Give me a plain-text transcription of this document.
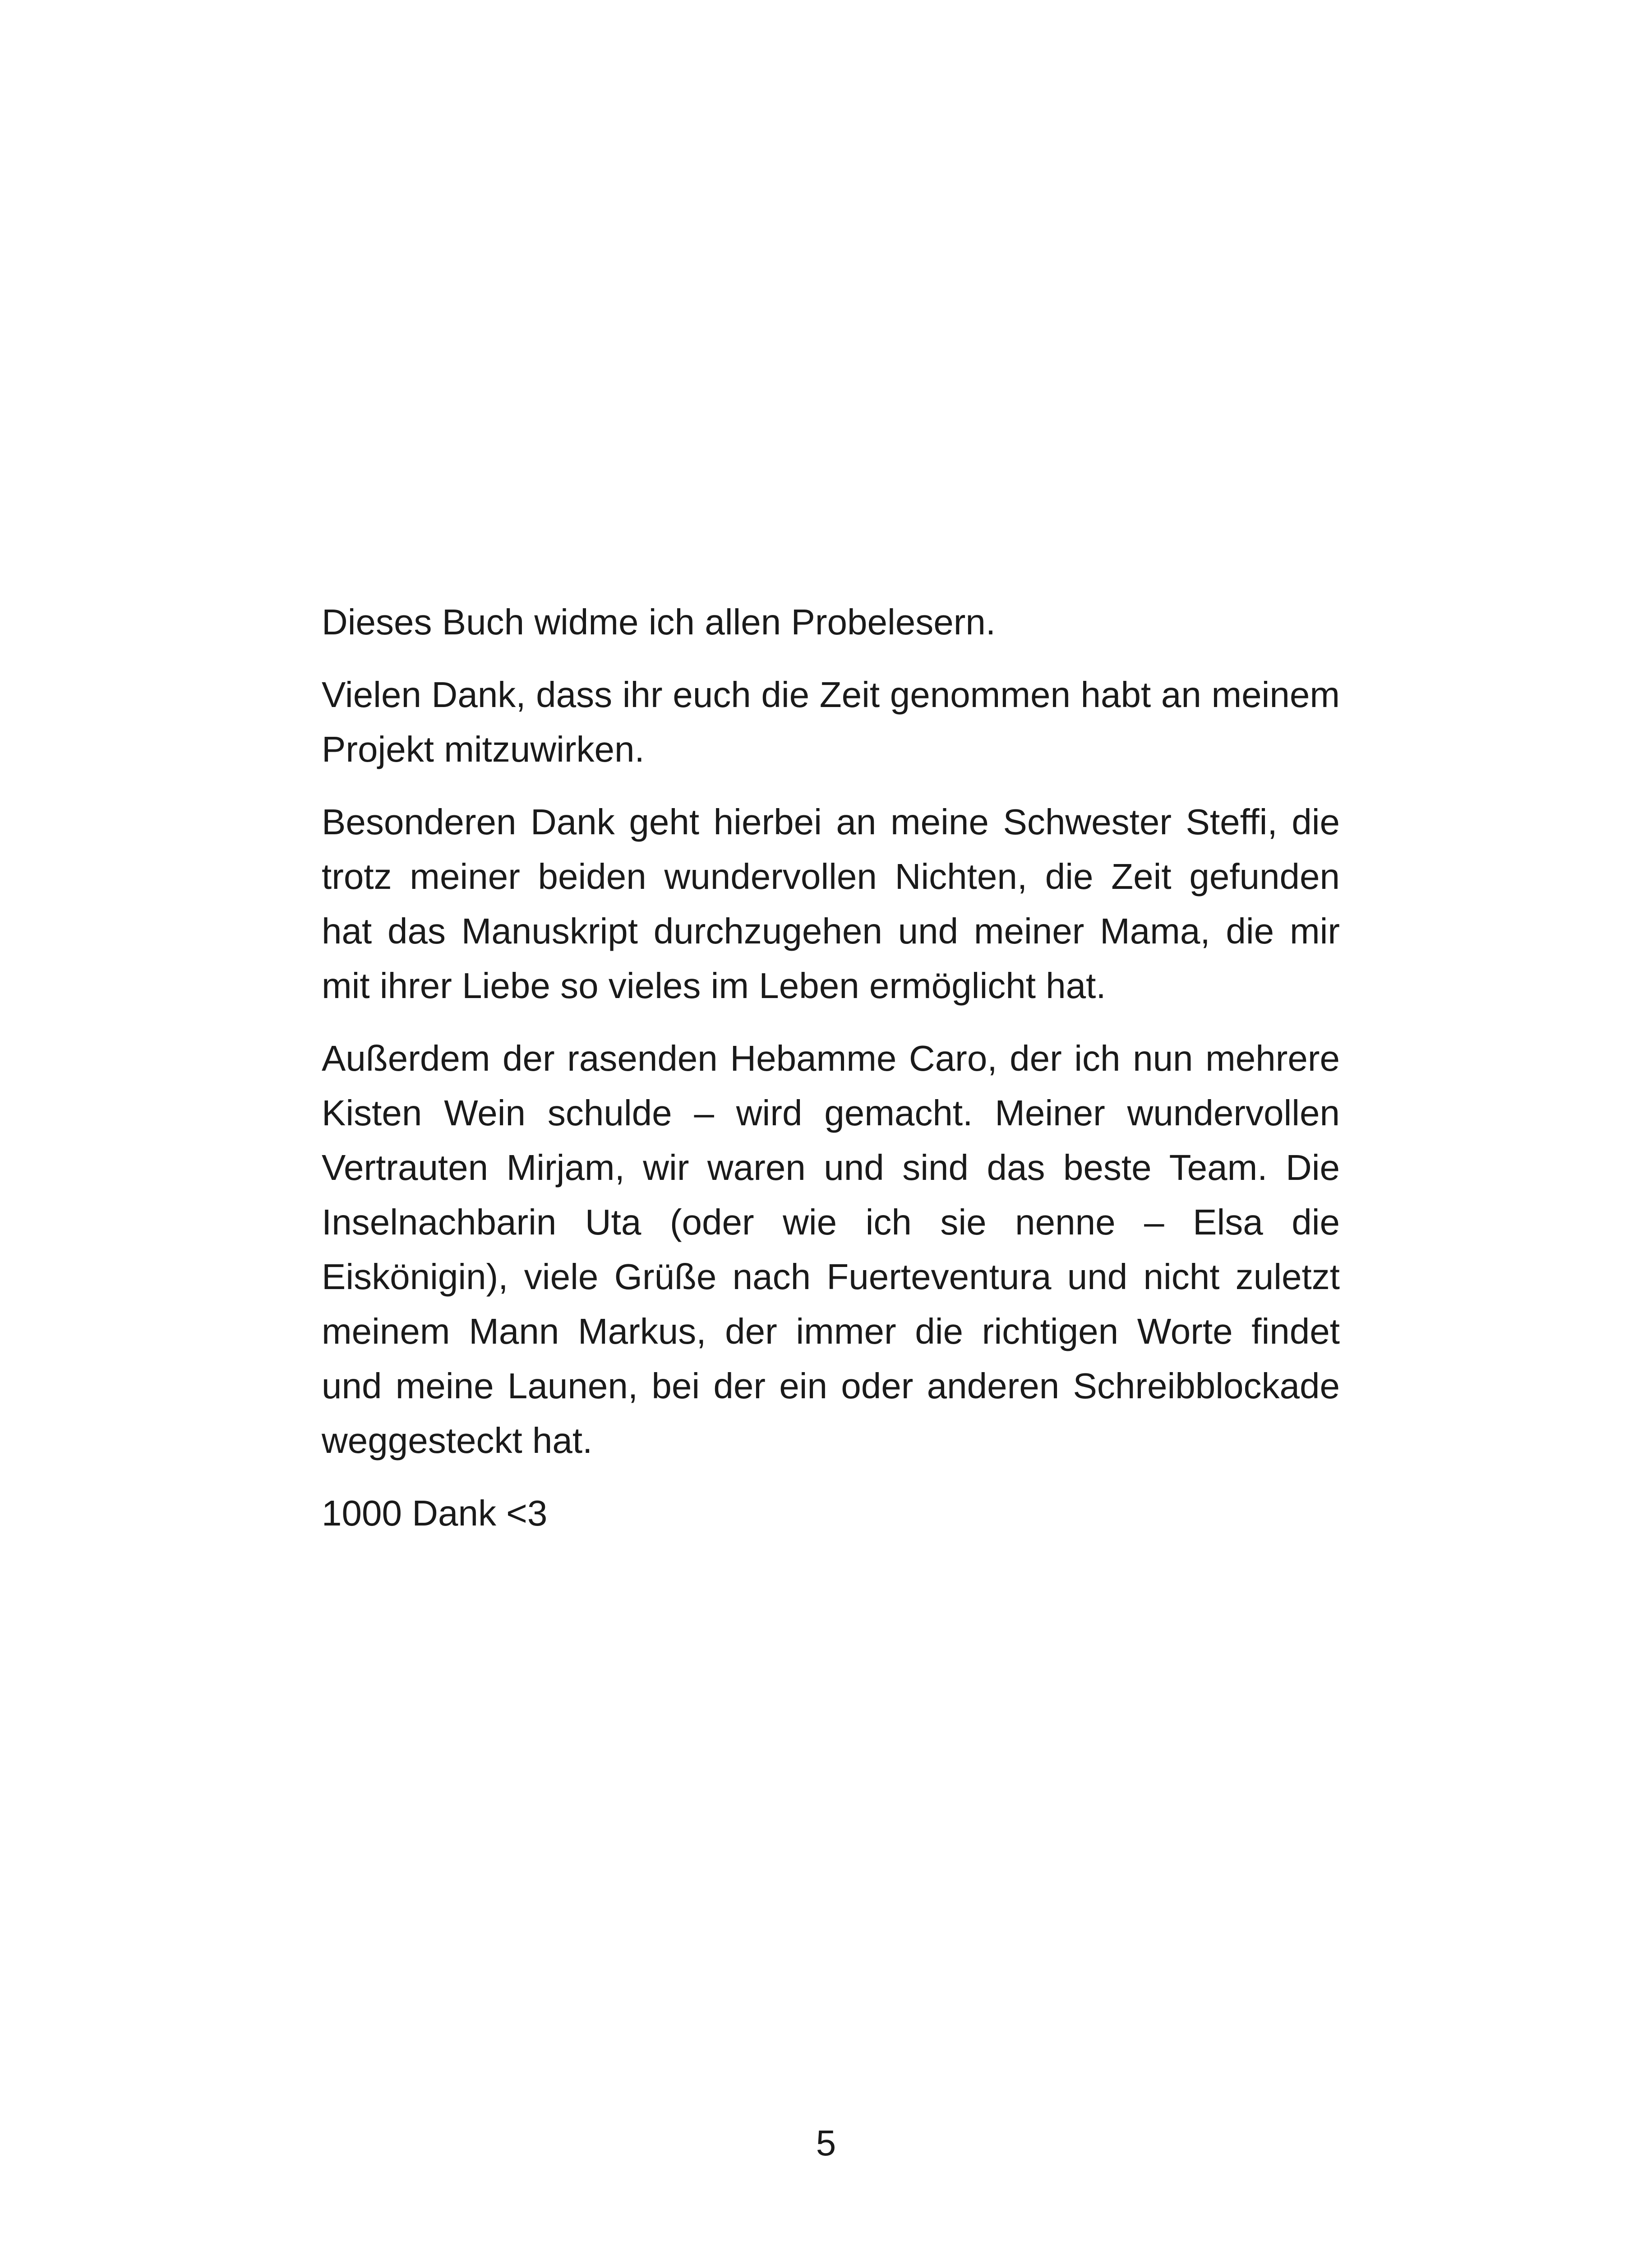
Dieses Buch widme ich allen Probelesern.

Vielen Dank, dass ihr euch die Zeit genommen habt an meinem Projekt mitzuwirken.

Besonderen Dank geht hierbei an meine Schwester Steffi, die trotz meiner beiden wundervollen Nichten, die Zeit gefunden hat das Manuskript durchzugehen und meiner Mama, die mir mit ihrer Liebe so vieles im Leben ermöglicht hat.

Außerdem der rasenden Hebamme Caro, der ich nun mehrere Kisten Wein schulde – wird gemacht. Meiner wundervollen Vertrauten Mirjam, wir waren und sind das beste Team. Die Inselnachbarin Uta (oder wie ich sie nenne – Elsa die Eiskönigin), viele Grüße nach Fuerteventura und nicht zuletzt meinem Mann Markus, der immer die richtigen Worte findet und meine Launen, bei der ein oder anderen Schreibblockade weggesteckt hat.

1000 Dank <3

5
